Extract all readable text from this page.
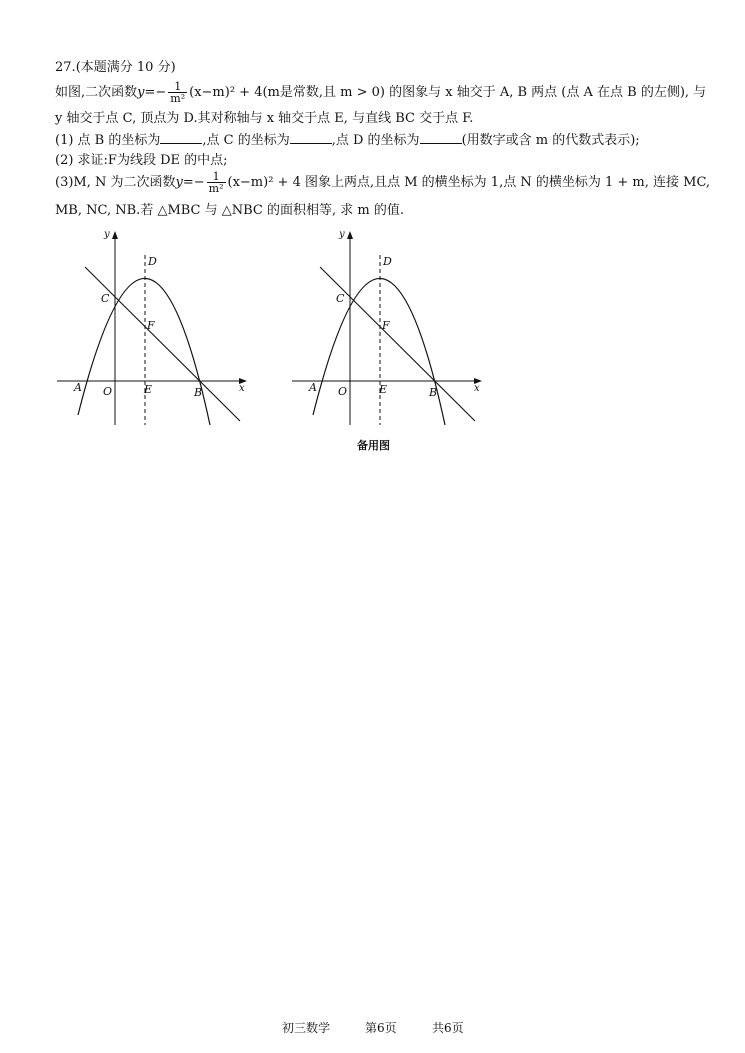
27.(本题满分 10 分)
如图,二次函数$y=- \frac{1}{\text{m²}} (x-m)^2 + 4(m$是常数,且 m > 0) 的图象与 x 轴交于 A, B 两点 (点 A 在点 B 的左侧), 与
y 轴交于点 C, 顶点为 D.其对称轴与 x 轴交于点 E, 与直线 BC 交于点 F.
(1) 点 B 的坐标为	,点 C 的坐标为	,点 D 的坐标为	(用数字或含 m 的代数式表示);
(2) 求证:F为线段 DE 的中点;
(3)M, N 为二次函数$y=- \frac{1}{\text{m²}} (x-m)^2 + 4$ 图象上两点,且点 M 的横坐标为 1,点 N 的横坐标为 1 + m, 连接 MC,
MB, NC, NB.若 △MBC 与 △NBC 的面积相等, 求 m 的值.
y
x
O
A	B
C
D
E
F
y
x
O
A	B
C
D
E
F
备用图
初三数学	第6页	共6页
